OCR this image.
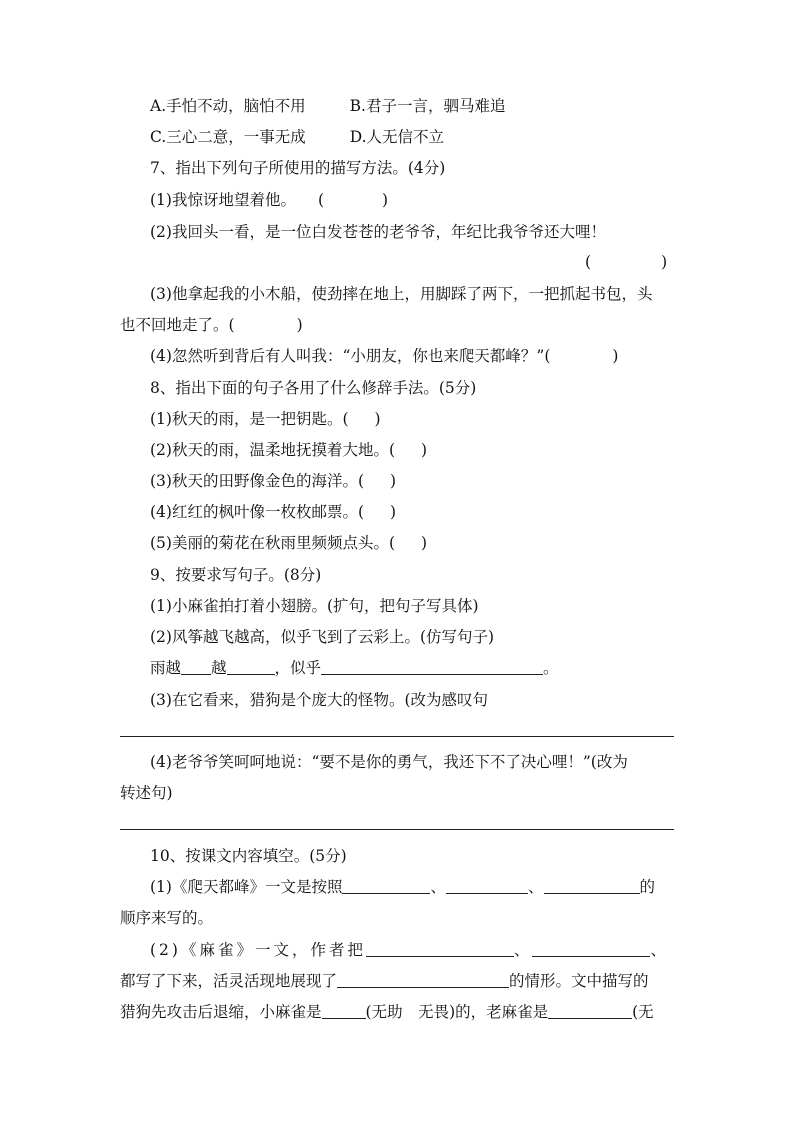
A.手怕不动，脑怕不用	B.君子一言，驷马难追
C.三心二意，一事无成	D.人无信不立
7、指出下列句子所使用的描写方法。(4分)
(1)我惊讶地望着他。 (	)
(2)我回头一看，是一位白发苍苍的老爷爷，年纪比我爷爷还大哩！
(	)
(3)他拿起我的小木船，使劲摔在地上，用脚踩了两下，一把抓起书包，头
也不回地走了。(	)
(4)忽然听到背后有人叫我：“小朋友，你也来爬天都峰？”(	)
8、指出下面的句子各用了什么修辞手法。(5分)
(1)秋天的雨，是一把钥匙。( )
(2)秋天的雨，温柔地抚摸着大地。( )
(3)秋天的田野像金色的海洋。( )
(4)红红的枫叶像一枚枚邮票。( )
(5)美丽的菊花在秋雨里频频点头。( )
9、按要求写句子。(8分)
(1)小麻雀拍打着小翅膀。(扩句，把句子写具体)
(2)风筝越飞越高，似乎飞到了云彩上。(仿写句子)
雨越 越	，似乎	。
(3)在它看来，猎狗是个庞大的怪物。(改为感叹句
(4)老爷爷笑呵呵地说：“要不是你的勇气，我还下不了决心哩！”(改为
转述句)
10、按课文内容填空。(5分)
(1)《爬天都峰》一文是按照	、	、	的
顺序来写的。
(2)《麻雀》一文，作者把	、	、
都写了下来，活灵活现地展现了	的情形。文中描写的
猎狗先攻击后退缩，小麻雀是	(无助　无畏)的，老麻雀是	(无
